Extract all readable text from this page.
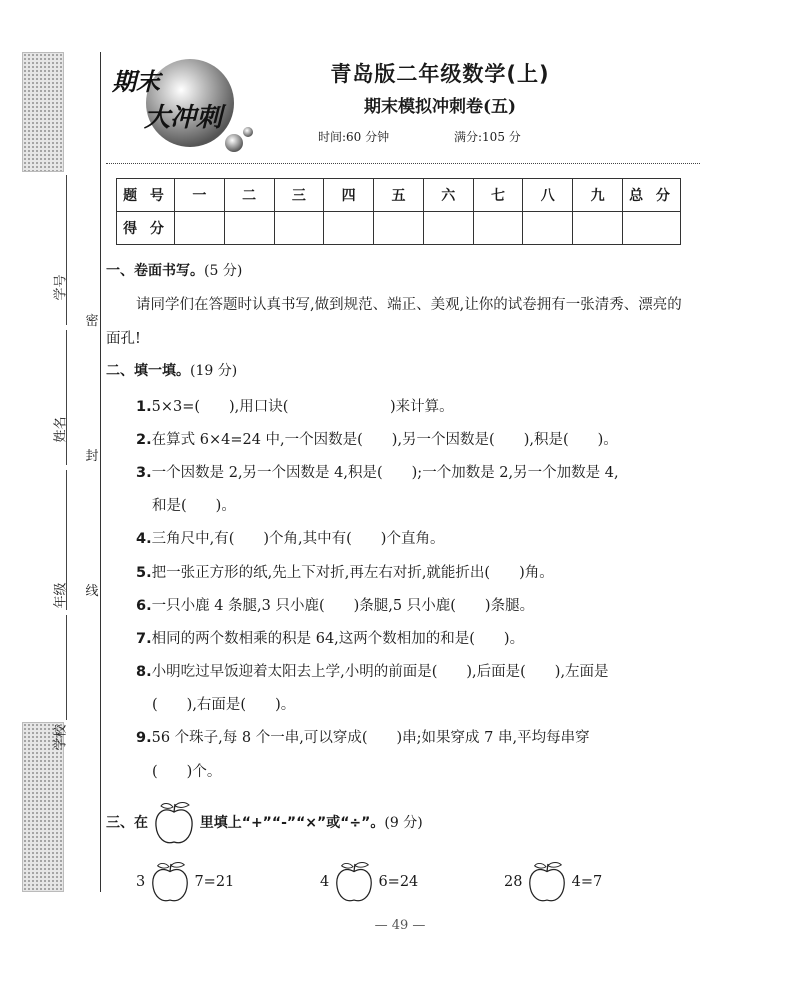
学号
姓名
年级
学校
密
封
线
期末
大冲刺
青岛版二年级数学(上)
期末模拟冲刺卷(五)
时间:60 分钟	满分:105 分
题 号	一	二	三	四	五	六	七	八	九	总 分
得 分										
一、卷面书写。(5 分)
请同学们在答题时认真书写,做到规范、端正、美观,让你的试卷拥有一张清秀、漂亮的面孔!
二、填一填。(19 分)
1.5×3=(　　),用口诀(　　　　　　　)来计算。
2.在算式 6×4=24 中,一个因数是(　　),另一个因数是(　　),积是(　　)。
3.一个因数是 2,另一个因数是 4,积是(　　);一个加数是 2,另一个加数是 4,
和是(　　)。
4.三角尺中,有(　　)个角,其中有(　　)个直角。
5.把一张正方形的纸,先上下对折,再左右对折,就能折出(　　)角。
6.一只小鹿 4 条腿,3 只小鹿(　　)条腿,5 只小鹿(　　)条腿。
7.相同的两个数相乘的积是 64,这两个数相加的和是(　　)。
8.小明吃过早饭迎着太阳去上学,小明的前面是(　　),后面是(　　),左面是
(　　),右面是(　　)。
9.56 个珠子,每 8 个一串,可以穿成(　　)串;如果穿成 7 串,平均每串穿
(　　)个。
三、在	里填上“+”“-”“×”或“÷”。(9 分)
3	7=21	4	6=24	28	4=7
— 49 —
